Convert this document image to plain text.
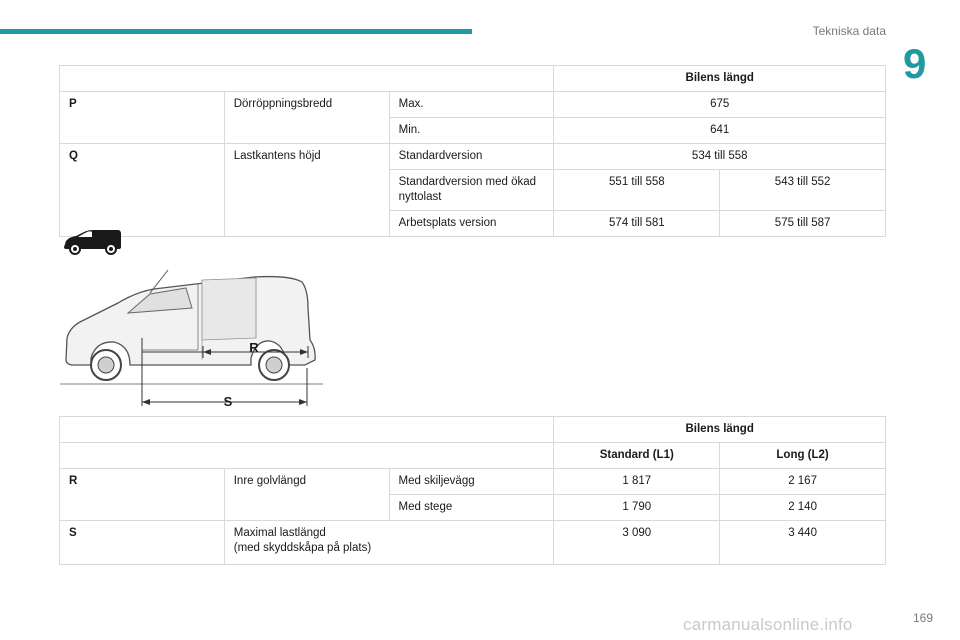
Tekniska data
9
			Bilens längd	
P	Dörröppningsbredd	Max.	675	
		Min.	641	
Q	Lastkantens höjd	Standardversion	534 till 558	
		Standardversion med ökad nyttolast	551 till 558	543 till 552
		Arbetsplats version	574 till 581	575 till 587
R
S
			Bilens längd	
			Standard (L1)	Long (L2)
R	Inre golvlängd	Med skiljevägg	1 817	2 167
		Med stege	1 790	2 140
S	Maximal lastlängd
(med skyddskåpa på plats)		3 090	3 440
carmanualsonline.info	169
